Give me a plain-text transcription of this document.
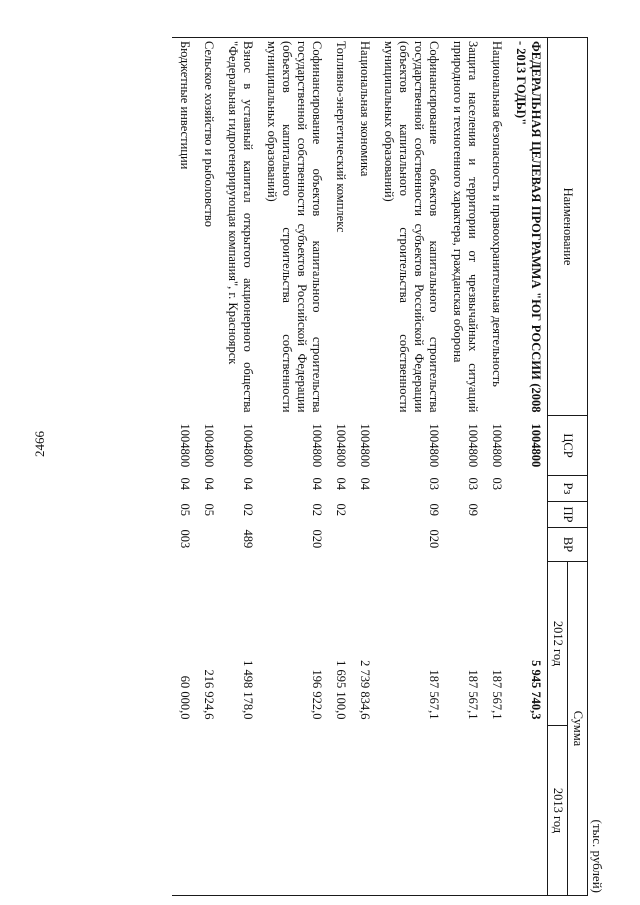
2466
(тыс. рублей)
Наименование	ЦСР	Рз	ПР	ВР	Сумма	
					2012 год	2013 год
ФЕДЕРАЛЬНАЯ ЦЕЛЕВАЯ ПРОГРАММА "ЮГ РОССИИ (2008 - 2013 ГОДЫ)"	1004800				5 945 740,3	
Национальная безопасность и правоохранительная деятельность	1004800	03			187 567,1	
Защита населения и территории от чрезвычайных ситуаций природного и техногенного характера, гражданская оборона	1004800	03	09		187 567,1	
Софинансирование объектов капитального строительства государственной собственности субъектов Российской Федерации (объектов капитального строительства собственности муниципальных образований)	1004800	03	09	020	187 567,1	
Национальная экономика	1004800	04			2 739 834,6	
Топливно-энергетический комплекс	1004800	04	02		1 695 100,0	
Софинансирование объектов капитального строительства государственной собственности субъектов Российской Федерации (объектов капитального строительства собственности муниципальных образований)	1004800	04	02	020	196 922,0	
Взнос в уставный капитал открытого акционерного общества "Федеральная гидрогенерирующая компания", г. Красноярск	1004800	04	02	489	1 498 178,0	
Сельское хозяйство и рыболовство	1004800	04	05		216 924,6	
Бюджетные инвестиции	1004800	04	05	003	60 000,0	
